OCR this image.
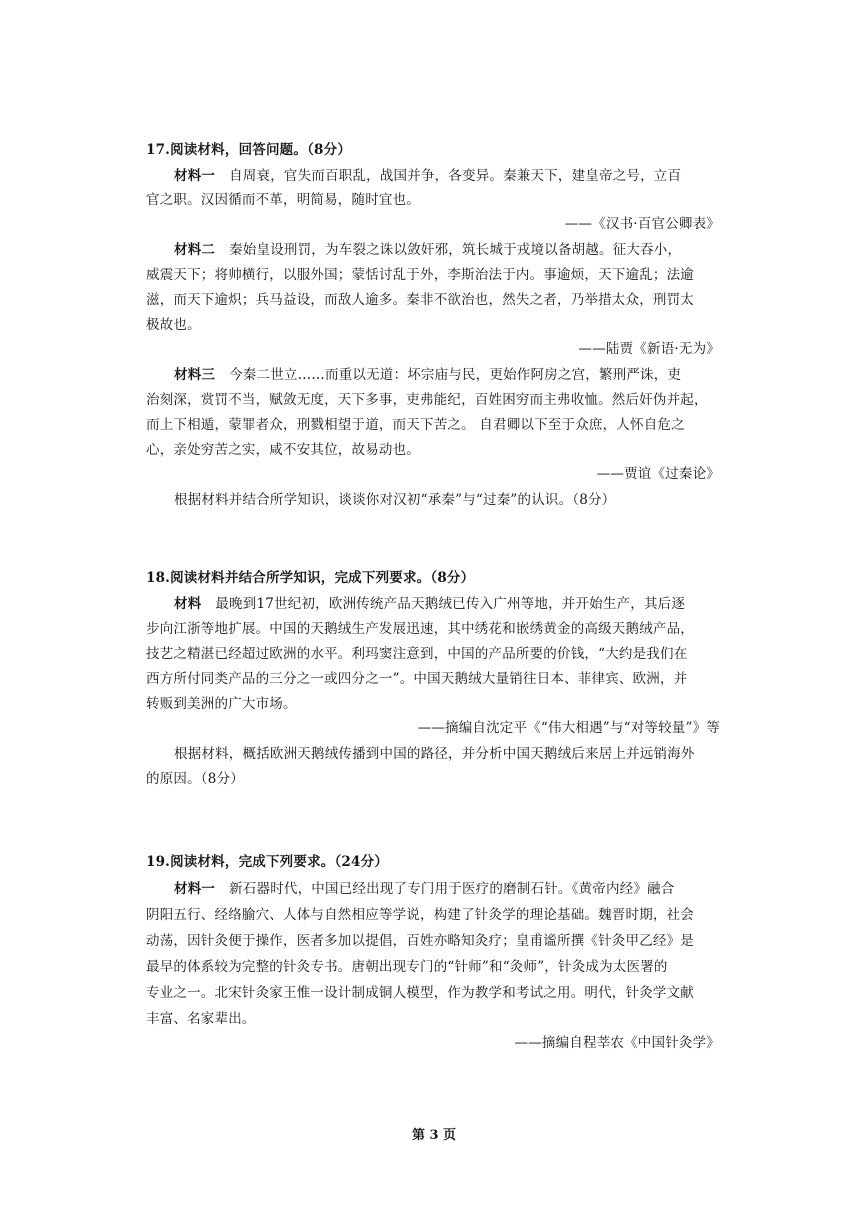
17.阅读材料，回答问题。（8分）
材料一 自周衰，官失而百职乱，战国并争，各变异。秦兼天下，建皇帝之号，立百
官之职。汉因循而不革，明简易，随时宜也。
——《汉书·百官公卿表》
材料二 秦始皇设刑罚，为车裂之诛以敛奸邪，筑长城于戎境以备胡越。征大吞小，
威震天下；将帅横行，以服外国；蒙恬讨乱于外，李斯治法于内。事逾烦，天下逾乱；法逾
滋，而天下逾炽；兵马益设，而敌人逾多。秦非不欲治也，然失之者，乃举措太众，刑罚太
极故也。
——陆贾《新语·无为》
材料三 今秦二世立……而重以无道：坏宗庙与民，更始作阿房之宫，繁刑严诛，吏
治刻深，赏罚不当，赋敛无度，天下多事，吏弗能纪，百姓困穷而主弗收恤。然后奸伪并起，
而上下相遁，蒙罪者众，刑戮相望于道，而天下苦之。 自君卿以下至于众庶，人怀自危之
心，亲处穷苦之实，咸不安其位，故易动也。
——贾谊《过秦论》
根据材料并结合所学知识，谈谈你对汉初“承秦”与“过秦”的认识。（8分）
18.阅读材料并结合所学知识，完成下列要求。（8分）
材料 最晚到17世纪初，欧洲传统产品天鹅绒已传入广州等地，并开始生产，其后逐
步向江浙等地扩展。中国的天鹅绒生产发展迅速，其中绣花和嵌绣黄金的高级天鹅绒产品，
技艺之精湛已经超过欧洲的水平。利玛窦注意到，中国的产品所要的价钱，“大约是我们在
西方所付同类产品的三分之一或四分之一”。中国天鹅绒大量销往日本、菲律宾、欧洲，并
转贩到美洲的广大市场。
——摘编自沈定平《“伟大相遇”与“对等较量”》等
根据材料，概括欧洲天鹅绒传播到中国的路径，并分析中国天鹅绒后来居上并远销海外
的原因。（8分）
19.阅读材料，完成下列要求。（24分）
材料一 新石器时代，中国已经出现了专门用于医疗的磨制石针。《黄帝内经》融合
阴阳五行、经络腧穴、人体与自然相应等学说，构建了针灸学的理论基础。魏晋时期，社会
动荡，因针灸便于操作，医者多加以提倡，百姓亦略知灸疗；皇甫谧所撰《针灸甲乙经》是
最早的体系较为完整的针灸专书。唐朝出现专门的“针师”和“灸师”，针灸成为太医署的
专业之一。北宋针灸家王惟一设计制成铜人模型，作为教学和考试之用。明代，针灸学文献
丰富、名家辈出。
——摘编自程莘农《中国针灸学》
第 3 页
